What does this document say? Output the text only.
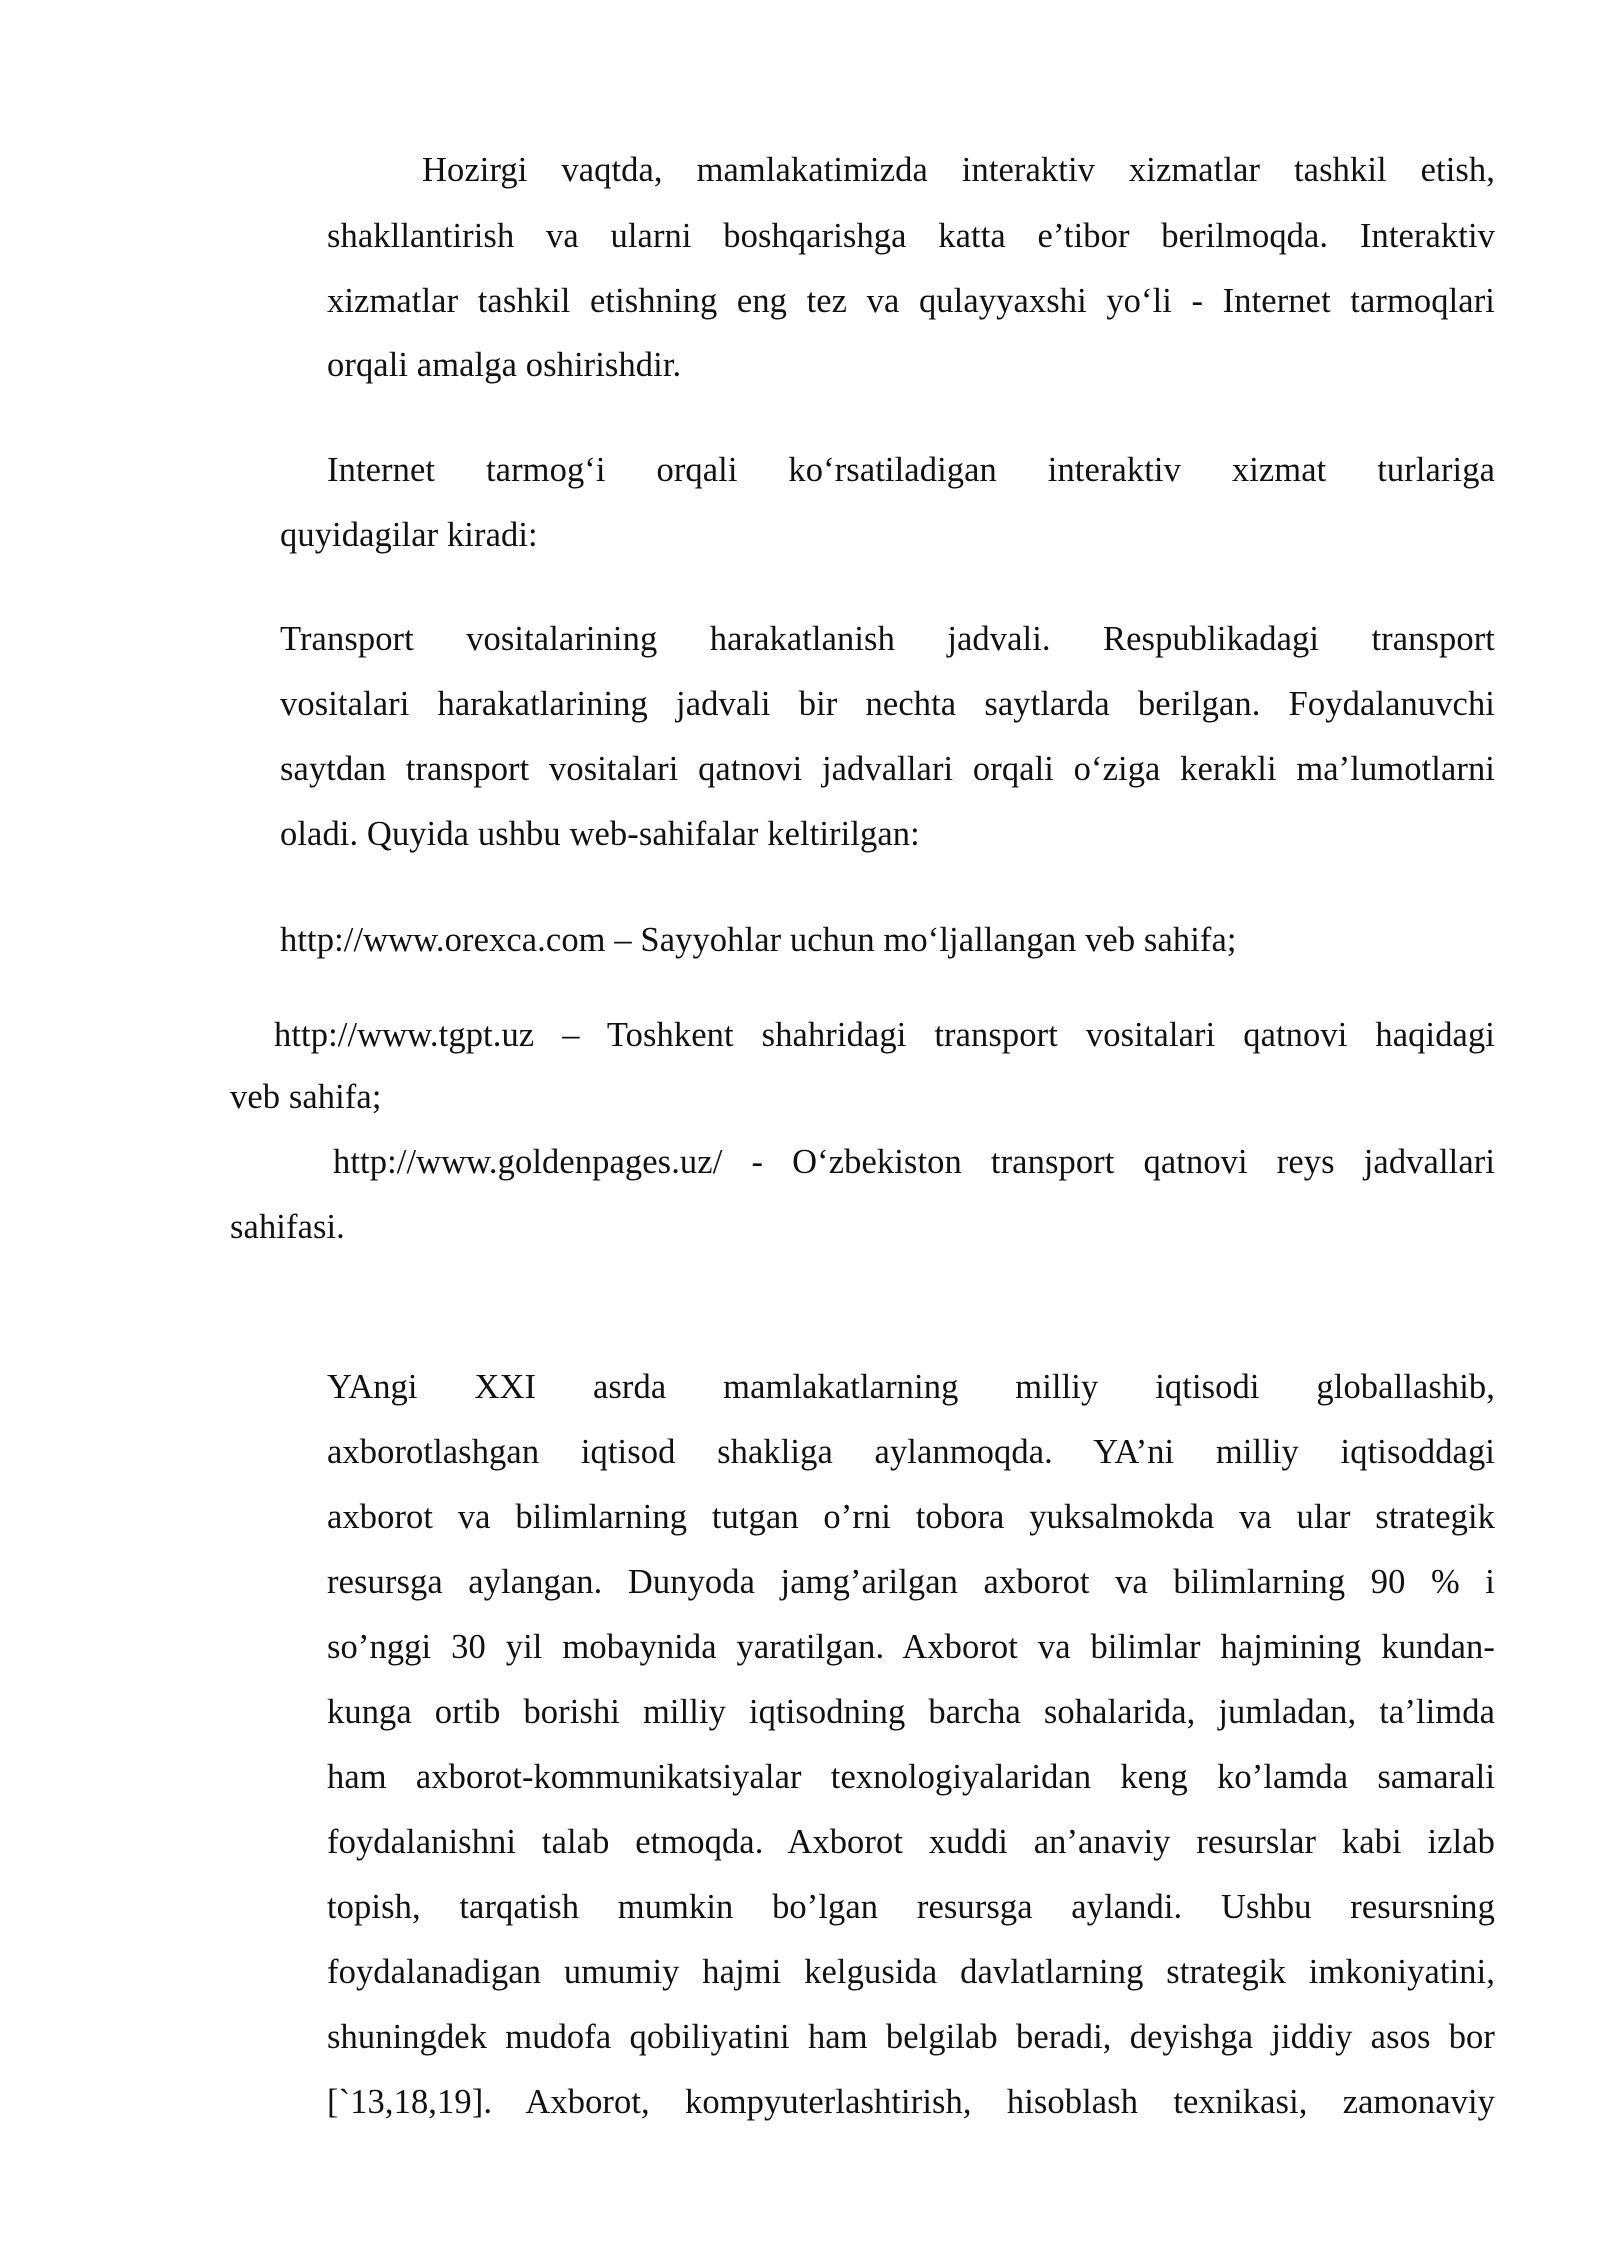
Hozirgi vaqtda, mamlakatimizda interaktiv xizmatlar tashkil etish,
shakllantirish va ularni boshqarishga katta e’tibor berilmoqda. Interaktiv
xizmatlar tashkil etishning eng tez va qulayyaxshi yo‘li - Internet tarmoqlari
orqali amalga oshirishdir.
Internet tarmog‘i orqali ko‘rsatiladigan interaktiv xizmat turlariga
quyidagilar kiradi:
Transport vositalarining harakatlanish jadvali. Respublikadagi transport
vositalari harakatlarining jadvali bir nechta saytlarda berilgan. Foydalanuvchi
saytdan transport vositalari qatnovi jadvallari orqali o‘ziga kerakli ma’lumotlarni
oladi. Quyida ushbu web-sahifalar keltirilgan:
http://www.orexca.com – Sayyohlar uchun mo‘ljallangan veb sahifa;
http://www.tgpt.uz – Toshkent shahridagi transport vositalari qatnovi haqidagi
veb sahifa;
http://www.goldenpages.uz/ - O‘zbekiston transport qatnovi reys jadvallari
sahifasi.
YAngi XXI asrda mamlakatlarning milliy iqtisodi globallashib,
axborotlashgan iqtisod shakliga aylanmoqda. YA’ni milliy iqtisoddagi
axborot va bilimlarning tutgan o’rni tobora yuksalmokda va ular strategik
resursga aylangan. Dunyoda jamg’arilgan axborot va bilimlarning 90 % i
so’nggi 30 yil mobaynida yaratilgan. Axborot va bilimlar hajmining kundan-
kunga ortib borishi milliy iqtisodning barcha sohalarida, jumladan, ta’limda
ham axborot-kommunikatsiyalar texnologiyalaridan keng ko’lamda samarali
foydalanishni talab etmoqda. Axborot xuddi an’anaviy resurslar kabi izlab
topish, tarqatish mumkin bo’lgan resursga aylandi. Ushbu resursning
foydalanadigan umumiy hajmi kelgusida davlatlarning strategik imkoniyatini,
shuningdek mudofa qobiliyatini ham belgilab beradi, deyishga jiddiy asos bor
[`13,18,19]. Axborot, kompyuterlashtirish, hisoblash texnikasi, zamonaviy
